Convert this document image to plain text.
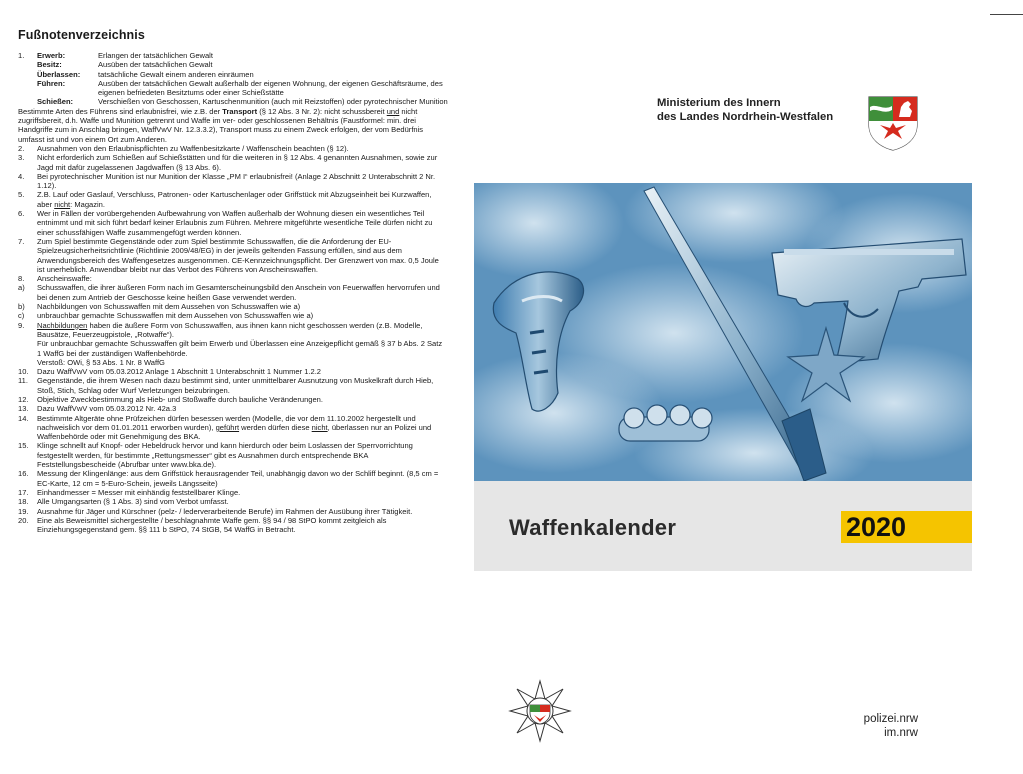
Fußnotenverzeichnis
1.	Erwerb:	Erlangen der tatsächlichen Gewalt
Besitz:	Ausüben der tatsächlichen Gewalt
Überlassen:	tatsächliche Gewalt einem anderen einräumen
Führen:	Ausüben der tatsächlichen Gewalt außerhalb der eigenen Wohnung, der eigenen Geschäftsräume, des eigenen befriedeten Besitztums oder einer Schießstätte
Schießen:	Verschießen von Geschossen, Kartuschenmunition (auch mit Reizstoffen) oder pyrotechnischer Munition
Bestimmte Arten des Führens sind erlaubnisfrei, wie z.B. der Transport (§ 12 Abs. 3 Nr. 2): nicht schussbereit und nicht zugriffsbereit, d.h. Waffe und Munition getrennt und Waffe im ver- oder geschlossenen Behältnis (Faustformel: min. drei Handgriffe zum in Anschlag bringen, WaffVwV Nr. 12.3.3.2), Transport muss zu einem Zweck erfolgen, der vom Bedürfnis umfasst ist und von einem Ort zum Anderen.
2.	Ausnahmen von den Erlaubnispflichten zu Waffenbesitzkarte / Waffenschein beachten (§ 12).
3.	Nicht erforderlich zum Schießen auf Schießstätten und für die weiteren in § 12 Abs. 4 genannten Ausnahmen, sowie zur Jagd mit dafür zugelassenen Jagdwaffen (§ 13 Abs. 6).
4.	Bei pyrotechnischer Munition ist nur Munition der Klasse „PM I“ erlaubnisfrei! (Anlage 2 Abschnitt 2 Unterabschnitt 2 Nr. 1.12).
5.	Z.B. Lauf oder Gaslauf, Verschluss, Patronen- oder Kartuschenlager oder Griffstück mit Abzugseinheit bei Kurzwaffen, aber nicht: Magazin.
6.	Wer in Fällen der vorübergehenden Aufbewahrung von Waffen außerhalb der Wohnung diesen ein wesentliches Teil entnimmt und mit sich führt bedarf keiner Erlaubnis zum Führen. Mehrere mitgeführte wesentliche Teile dürfen nicht zu einer schussfähigen Waffe zusammengefügt werden können.
7.	Zum Spiel bestimmte Gegenstände oder zum Spiel bestimmte Schusswaffen, die die Anforderung der EU-Spielzeugsicherheitsrichtlinie (Richtlinie 2009/48/EG) in der jeweils geltenden Fassung erfüllen, sind aus dem Anwendungsbereich des Waffengesetzes ausgenommen. CE-Kennzeichnungspflicht. Der Grenzwert von max. 0,5 Joule ist unerheblich. Anwendbar bleibt nur das Verbot des Führens von Anscheinswaffen.
8.	Anscheinswaffe:
a)	Schusswaffen, die ihrer äußeren Form nach im Gesamterscheinungsbild den Anschein von Feuerwaffen hervorrufen und bei denen zum Antrieb der Geschosse keine heißen Gase verwendet werden.
b)	Nachbildungen von Schusswaffen mit dem Aussehen von Schusswaffen wie a)
c)	unbrauchbar gemachte Schusswaffen mit dem Aussehen von Schusswaffen wie a)
9.	Nachbildungen haben die äußere Form von Schusswaffen, aus ihnen kann nicht geschossen werden (z.B. Modelle, Bausätze, Feuerzeugpistole, „Rotwaffe“).
Für unbrauchbar gemachte Schusswaffen gilt beim Erwerb und Überlassen eine Anzeigepflicht gemäß § 37 b Abs. 2 Satz 1 WaffG bei der zuständigen Waffenbehörde.
Verstoß: OWi, § 53 Abs. 1 Nr. 8 WaffG
10.	Dazu WaffVwV vom 05.03.2012 Anlage 1 Abschnitt 1 Unterabschnitt 1 Nummer 1.2.2
11.	Gegenstände, die ihrem Wesen nach dazu bestimmt sind, unter unmittelbarer Ausnutzung von Muskelkraft durch Hieb, Stoß, Stich, Schlag oder Wurf Verletzungen beizubringen.
12.	Objektive Zweckbestimmung als Hieb- und Stoßwaffe durch bauliche Veränderungen.
13.	Dazu WaffVwV vom 05.03.2012 Nr. 42a.3
14.	Bestimmte Altgeräte ohne Prüfzeichen dürfen besessen werden (Modelle, die vor dem 11.10.2002 hergestellt und nachweislich vor dem 01.01.2011 erworben wurden), geführt werden dürfen diese nicht, überlassen nur an Polizei und Waffenbehörde oder mit Genehmigung des BKA.
15.	Klinge schnellt auf Knopf- oder Hebeldruck hervor und kann hierdurch oder beim Loslassen der Sperrvorrichtung festgestellt werden, für bestimmte „Rettungsmesser“ gibt es Ausnahmen durch entsprechende BKA Feststellungsbescheide (Abrufbar unter www.bka.de).
16.	Messung der Klingenlänge: aus dem Griffstück herausragender Teil, unabhängig davon wo der Schliff beginnt. (8,5 cm = EC-Karte, 12 cm = 5-Euro-Schein, jeweils Längsseite)
17.	Einhandmesser = Messer mit einhändig feststellbarer Klinge.
18.	Alle Umgangsarten (§ 1 Abs. 3) sind vom Verbot umfasst.
19.	Ausnahme für Jäger und Kürschner (pelz- / lederverarbeitende Berufe) im Rahmen der Ausübung ihrer Tätigkeit.
20.	Eine als Beweismittel sichergestellte / beschlagnahmte Waffe gem. §§ 94 / 98 StPO kommt zeitgleich als Einziehungsgegenstand gem. §§ 111 b StPO, 74 StGB, 54 WaffG in Betracht.
Ministerium des Innern
des Landes Nordrhein-Westfalen
Waffenkalender	2020
polizei.nrw
im.nrw
